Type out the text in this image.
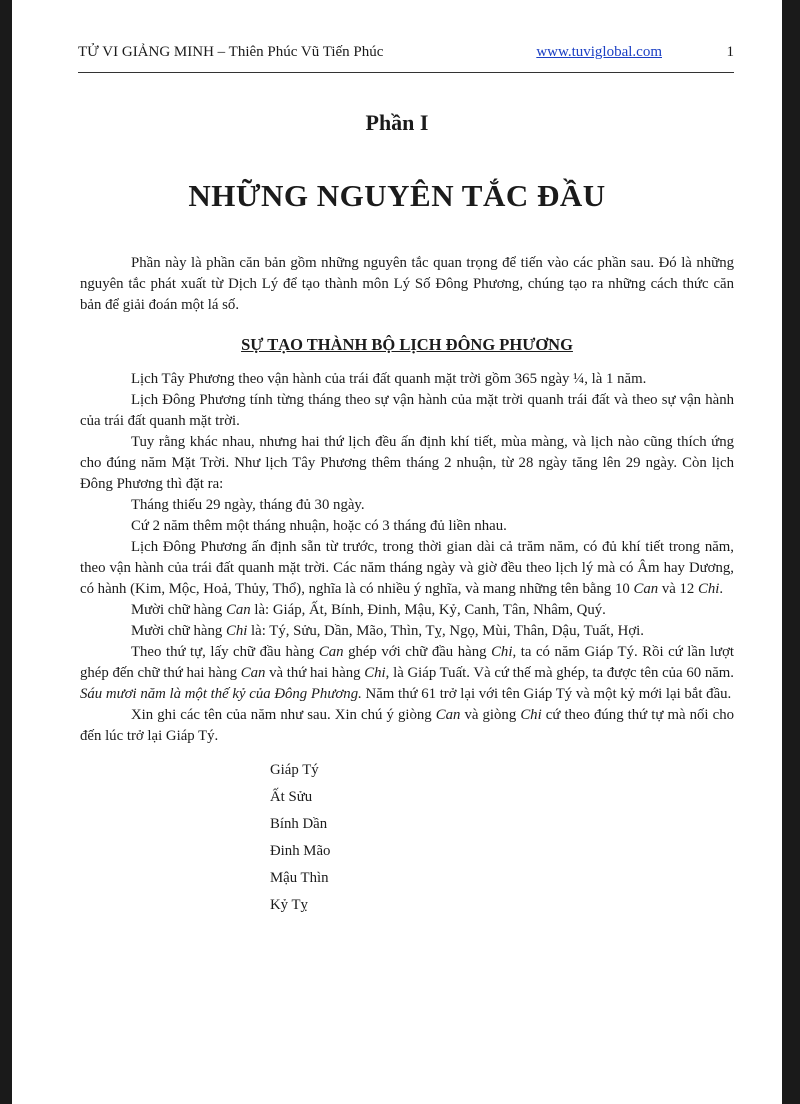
TỬ VI GIẢNG MINH – Thiên Phúc Vũ Tiến Phúc	www.tuviglobal.com	1
Phần I
NHỮNG NGUYÊN TẮC ĐẦU

Phần này là phần căn bản gồm những nguyên tắc quan trọng để tiến vào các phần sau. Đó là những nguyên tắc phát xuất từ Dịch Lý để tạo thành môn Lý Số Đông Phương, chúng tạo ra những cách thức căn bản để giải đoán một lá số.

SỰ TẠO THÀNH BỘ LỊCH ĐÔNG PHƯƠNG

Lịch Tây Phương theo vận hành của trái đất quanh mặt trời gồm 365 ngày ¼, là 1 năm.

Lịch Đông Phương tính từng tháng theo sự vận hành của mặt trời quanh trái đất và theo sự vận hành của trái đất quanh mặt trời.

Tuy rằng khác nhau, nhưng hai thứ lịch đều ấn định khí tiết, mùa màng, và lịch nào cũng thích ứng cho đúng năm Mặt Trời. Như lịch Tây Phương thêm tháng 2 nhuận, từ 28 ngày tăng lên 29 ngày. Còn lịch Đông Phương thì đặt ra:

Tháng thiếu 29 ngày, tháng đủ 30 ngày.

Cứ 2 năm thêm một tháng nhuận, hoặc có 3 tháng đủ liền nhau.

Lịch Đông Phương ấn định sẵn từ trước, trong thời gian dài cả trăm năm, có đủ khí tiết trong năm, theo vận hành của trái đất quanh mặt trời. Các năm tháng ngày và giờ đều theo lịch lý mà có Âm hay Dương, có hành (Kim, Mộc, Hoả, Thủy, Thổ), nghĩa là có nhiều ý nghĩa, và mang những tên bằng 10 Can và 12 Chi.

Mười chữ hàng Can là: Giáp, Ất, Bính, Đinh, Mậu, Kỷ, Canh, Tân, Nhâm, Quý.

Mười chữ hàng Chi là: Tý, Sửu, Dần, Mão, Thìn, Tỵ, Ngọ, Mùi, Thân, Dậu, Tuất, Hợi.

Theo thứ tự, lấy chữ đầu hàng Can ghép với chữ đầu hàng Chi, ta có năm Giáp Tý. Rồi cứ lần lượt ghép đến chữ thứ hai hàng Can và thứ hai hàng Chi, là Giáp Tuất. Và cứ thế mà ghép, ta được tên của 60 năm. Sáu mươi năm là một thế kỷ của Đông Phương. Năm thứ 61 trở lại với tên Giáp Tý và một kỷ mới lại bắt đầu.

Xin ghi các tên của năm như sau. Xin chú ý giòng Can và giòng Chi cứ theo đúng thứ tự mà nối cho đến lúc trở lại Giáp Tý.

Giáp Tý
Ất Sửu
Bính Dần
Đinh Mão
Mậu Thìn
Kỷ Tỵ
